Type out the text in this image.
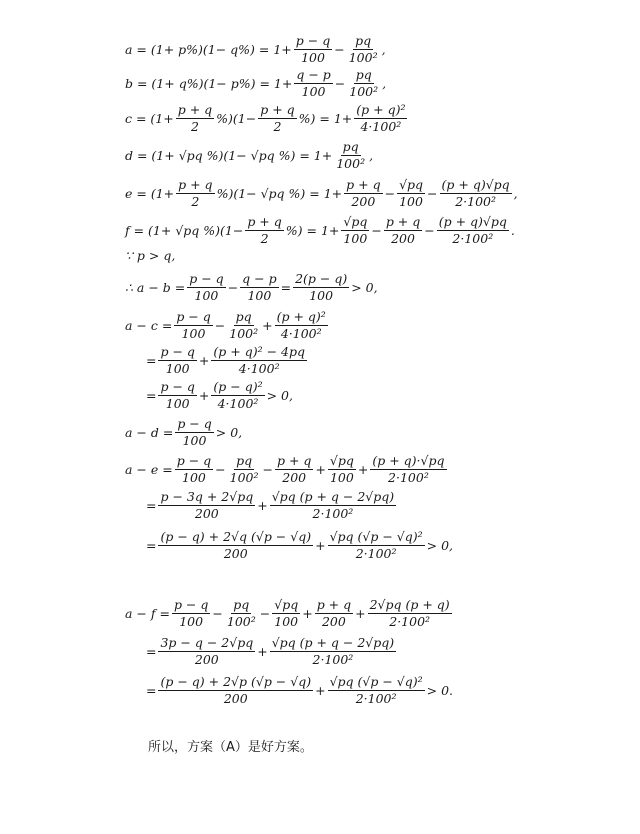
$a = (1+ p\%)(1- q\%) = 1+ \frac{p - q}{100} - \frac{pq}{\text{100²}}$ ,
$b = (1+ q\%)(1- p\%) = 1+ \frac{q - p}{100} - \frac{pq}{\text{100²}}$ ,
$c = (1+ \frac{p + q}{2} \%)(1- \frac{p + q}{2}$ %) = $1+ \frac{\text{(p + q)²}}{\text{4·100²}}$
d = (1+ √pq %)(1− √pq %) = $1+ \frac{pq}{\text{100²}}$ ,
$e = (1+ \frac{p + q}{2} \%)(1- √pq$ %) = $1+ \frac{p + q}{200} - \frac{√pq}{100} - \frac{(p + q)√pq}{\text{2·100²}}$ ,
f = (1+ √pq $\%)(1- \frac{p + q}{2}$ %) = $1+ \frac{√pq}{100} - \frac{p + q}{200} - \frac{(p + q)√pq}{\text{2·100²}}$ .
∵ p > q,
∴ $a - b = \frac{p - q}{100} - \frac{q - p}{100} = \frac{2(p - q)}{100} > 0$,
$a - c = \frac{p - q}{100} - \frac{pq}{\text{100²}} + \frac{\text{(p + q)²}}{\text{4·100²}}$
= $\frac{p - q}{100} + \frac{\text{(p + q)² − 4pq}}{\text{4·100²}}$
= $\frac{p - q}{100} + \frac{\text{(p − q)²}}{\text{4·100²}} > 0$,
$a - d = \frac{p - q}{100} > 0$,
$a - e = \frac{p - q}{100} - \frac{pq}{\text{100²}} - \frac{p + q}{200} + \frac{√pq}{100} + \frac{(p + q)\cdot√pq}{\text{2·100²}}$
= $\frac{p - 3q + 2√pq}{200} + \frac{√pq (p + q - 2√pq)}{\text{2·100²}}$
= $\frac{(p - q) + 2√q (√p - √q)}{200} + \frac{\text{√pq (√p − √q)²}}{\text{2·100²}} > 0$,
$a - f = \frac{p - q}{100} - \frac{pq}{\text{100²}} - \frac{√pq}{100} + \frac{p + q}{200} + \frac{2√pq (p + q)}{\text{2·100²}}$
= $\frac{3p - q - 2√pq}{200} + \frac{√pq (p + q - 2√pq)}{\text{2·100²}}$
= $\frac{(p - q) + 2√p (√p - √q)}{200} + \frac{\text{√pq (√p − √q)²}}{\text{2·100²}} > 0$.
所以，方案（A）是好方案。
